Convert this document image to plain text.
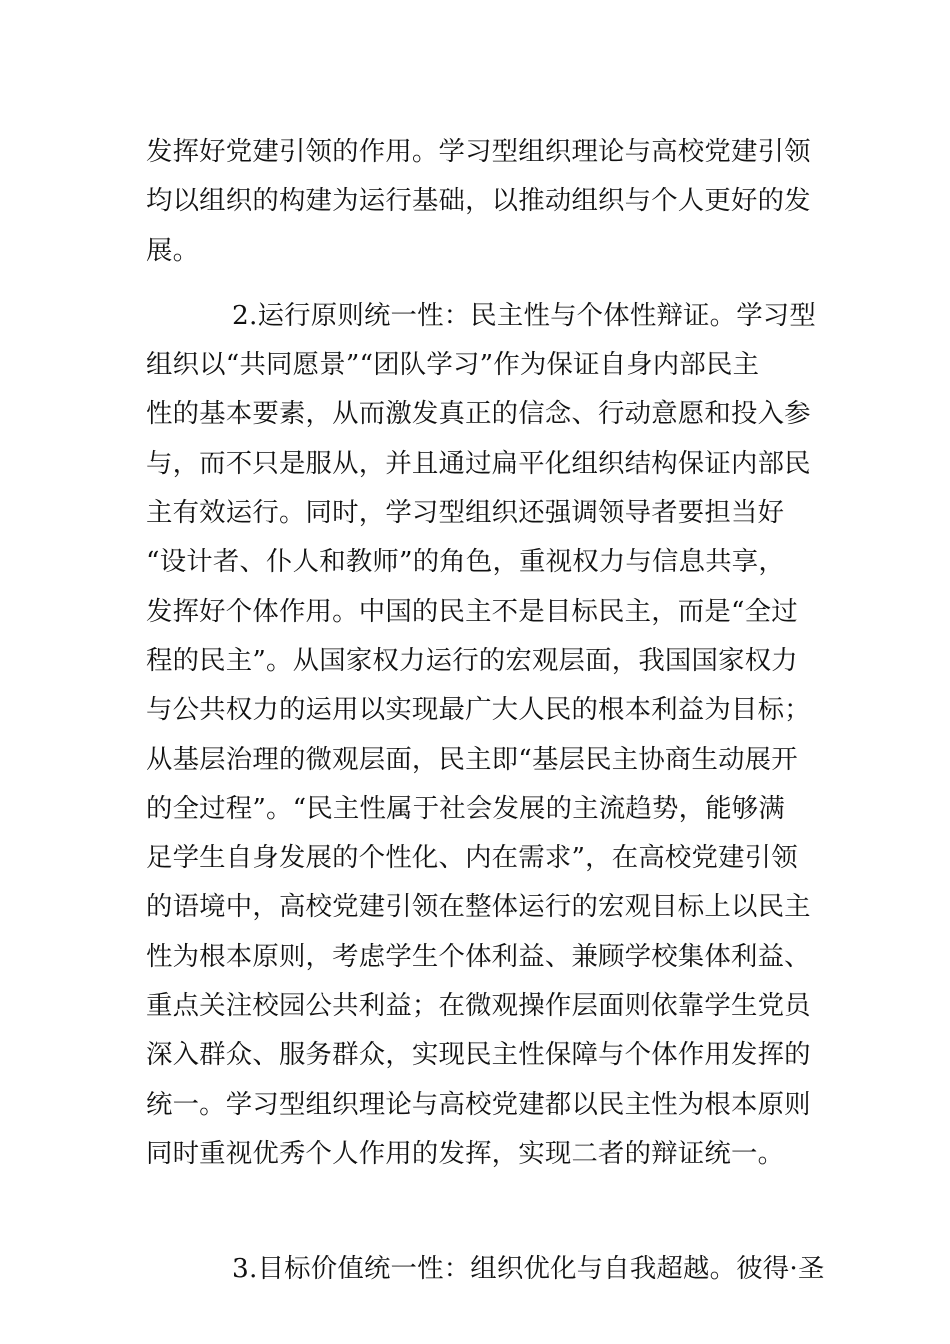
发挥好党建引领的作用。学习型组织理论与高校党建引领
均以组织的构建为运行基础，以推动组织与个人更好的发
展。
2.运行原则统一性：民主性与个体性辩证。学习型
组织以“共同愿景”“团队学习”作为保证自身内部民主
性的基本要素，从而激发真正的信念、行动意愿和投入参
与，而不只是服从，并且通过扁平化组织结构保证内部民
主有效运行。同时，学习型组织还强调领导者要担当好
“设计者、仆人和教师”的角色，重视权力与信息共享，
发挥好个体作用。中国的民主不是目标民主，而是“全过
程的民主”。从国家权力运行的宏观层面，我国国家权力
与公共权力的运用以实现最广大人民的根本利益为目标；
从基层治理的微观层面，民主即“基层民主协商生动展开
的全过程”。“民主性属于社会发展的主流趋势，能够满
足学生自身发展的个性化、内在需求”，在高校党建引领
的语境中，高校党建引领在整体运行的宏观目标上以民主
性为根本原则，考虑学生个体利益、兼顾学校集体利益、
重点关注校园公共利益；在微观操作层面则依靠学生党员
深入群众、服务群众，实现民主性保障与个体作用发挥的
统一。学习型组织理论与高校党建都以民主性为根本原则
同时重视优秀个人作用的发挥，实现二者的辩证统一。
3.目标价值统一性：组织优化与自我超越。彼得·圣
